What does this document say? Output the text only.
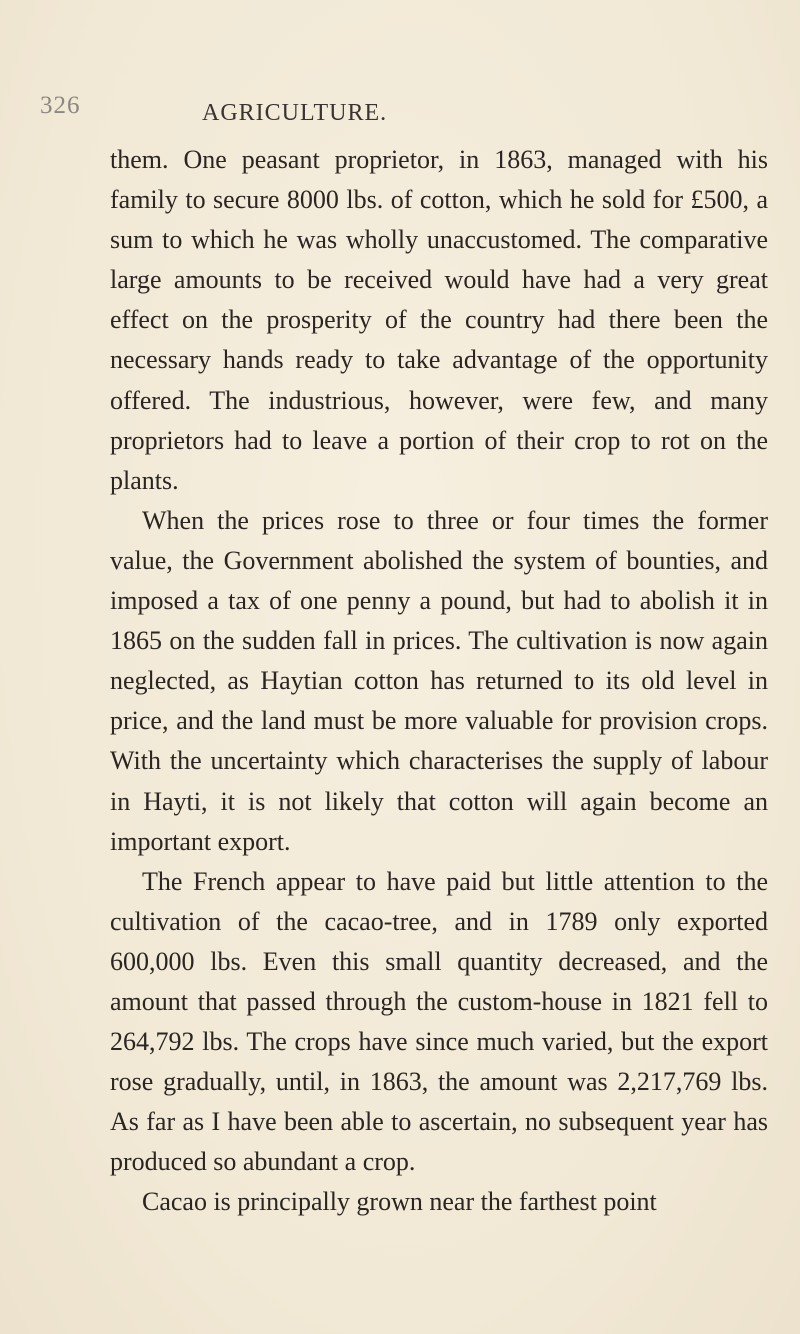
326	AGRICULTURE.

them. One peasant proprietor, in 1863, managed with his family to secure 8000 lbs. of cotton, which he sold for £500, a sum to which he was wholly unaccustomed. The comparative large amounts to be received would have had a very great effect on the prosperity of the country had there been the necessary hands ready to take advantage of the opportunity offered. The industrious, however, were few, and many proprietors had to leave a portion of their crop to rot on the plants.

When the prices rose to three or four times the former value, the Government abolished the system of bounties, and imposed a tax of one penny a pound, but had to abolish it in 1865 on the sudden fall in prices. The cultivation is now again neglected, as Haytian cotton has returned to its old level in price, and the land must be more valuable for provision crops. With the uncertainty which characterises the supply of labour in Hayti, it is not likely that cotton will again become an important export.

The French appear to have paid but little attention to the cultivation of the cacao-tree, and in 1789 only exported 600,000 lbs. Even this small quantity decreased, and the amount that passed through the custom-house in 1821 fell to 264,792 lbs. The crops have since much varied, but the export rose gradually, until, in 1863, the amount was 2,217,769 lbs. As far as I have been able to ascertain, no subsequent year has produced so abundant a crop.

Cacao is principally grown near the farthest point
